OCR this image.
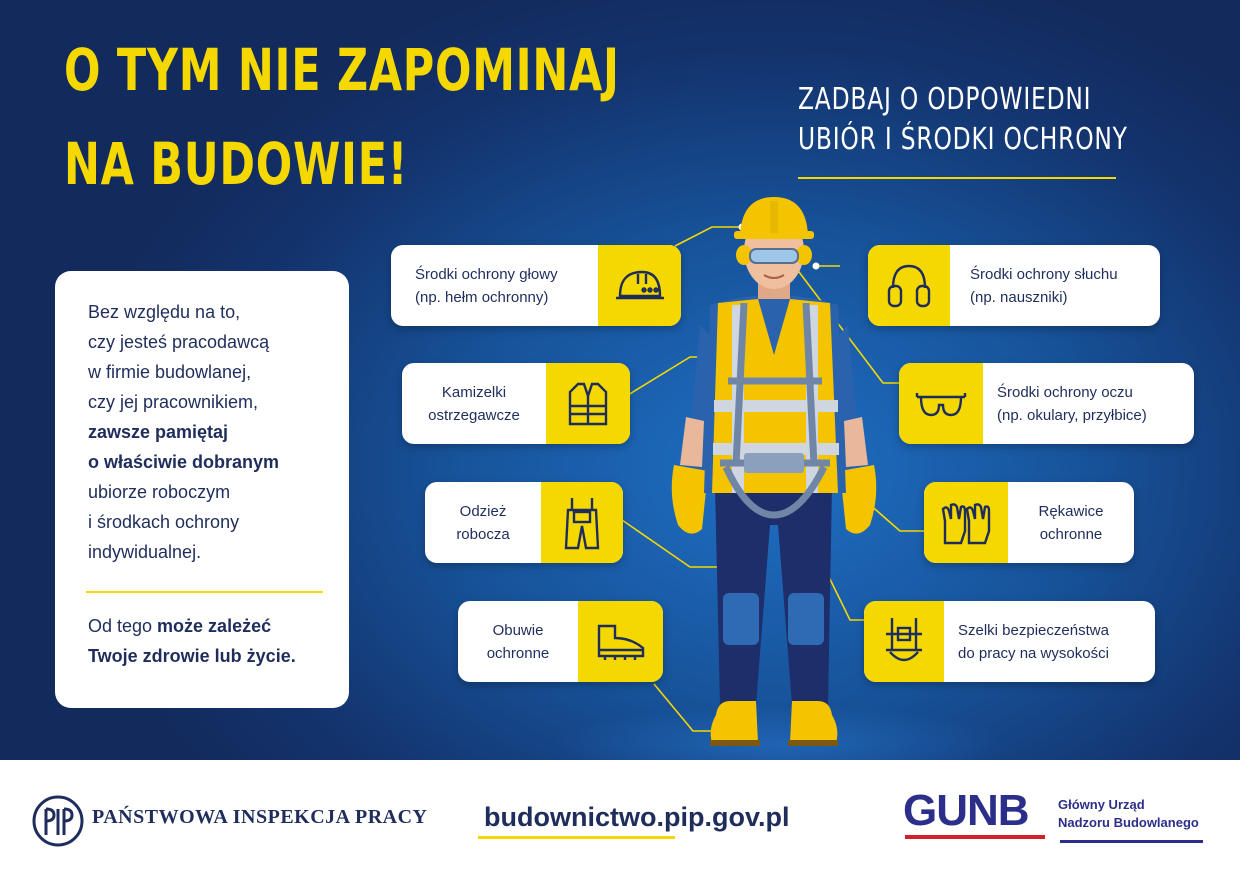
O TYM NIE ZAPOMINAJ
NA BUDOWIE!
ZADBAJ O ODPOWIEDNI
UBIÓR I ŚRODKI OCHRONY

Bez względu na to,

czy jesteś pracodawcą

w firmie budowlanej,

czy jej pracownikiem,

zawsze pamiętaj

o właściwie dobranym

ubiorze roboczym

i środkach ochrony

indywidualnej.

Od tego może zależeć

Twoje zdrowie lub życie.

Środki ochrony głowy
(np. hełm ochronny)
Kamizelki
ostrzegawcze
Odzież
robocza
Obuwie
ochronne
Środki ochrony słuchu
(np. nauszniki)
Środki ochrony oczu
(np. okulary, przyłbice)
Rękawice
ochronne
Szelki bezpieczeństwa
do pracy na wysokości
PAŃSTWOWA INSPEKCJA PRACY budownictwo.pip.gov.pl	GUNB Główny Urząd
Nadzoru Budowlanego
